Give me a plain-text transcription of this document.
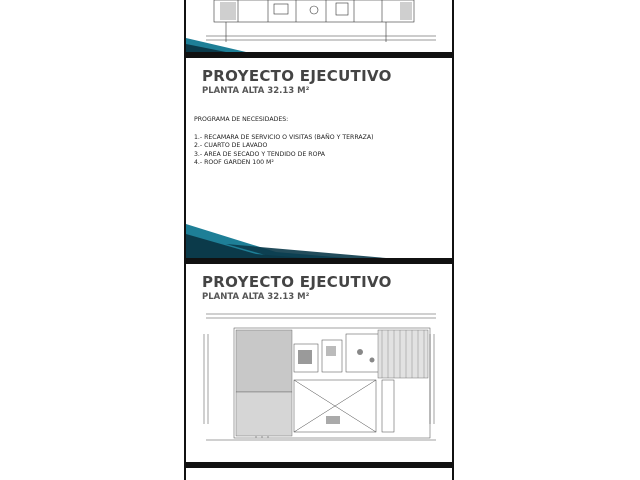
PROYECTO EJECUTIVO
PLANTA ALTA 32.13 M²
PROGRAMA DE NECESIDADES:
1.- RECAMARA DE SERVICIO O VISITAS (BAÑO Y TERRAZA)
2.- CUARTO DE LAVADO
3.- AREA DE SECADO Y TENDIDO DE ROPA
4.- ROOF GARDEN 100 M²
PROYECTO EJECUTIVO
PLANTA ALTA 32.13 M²
